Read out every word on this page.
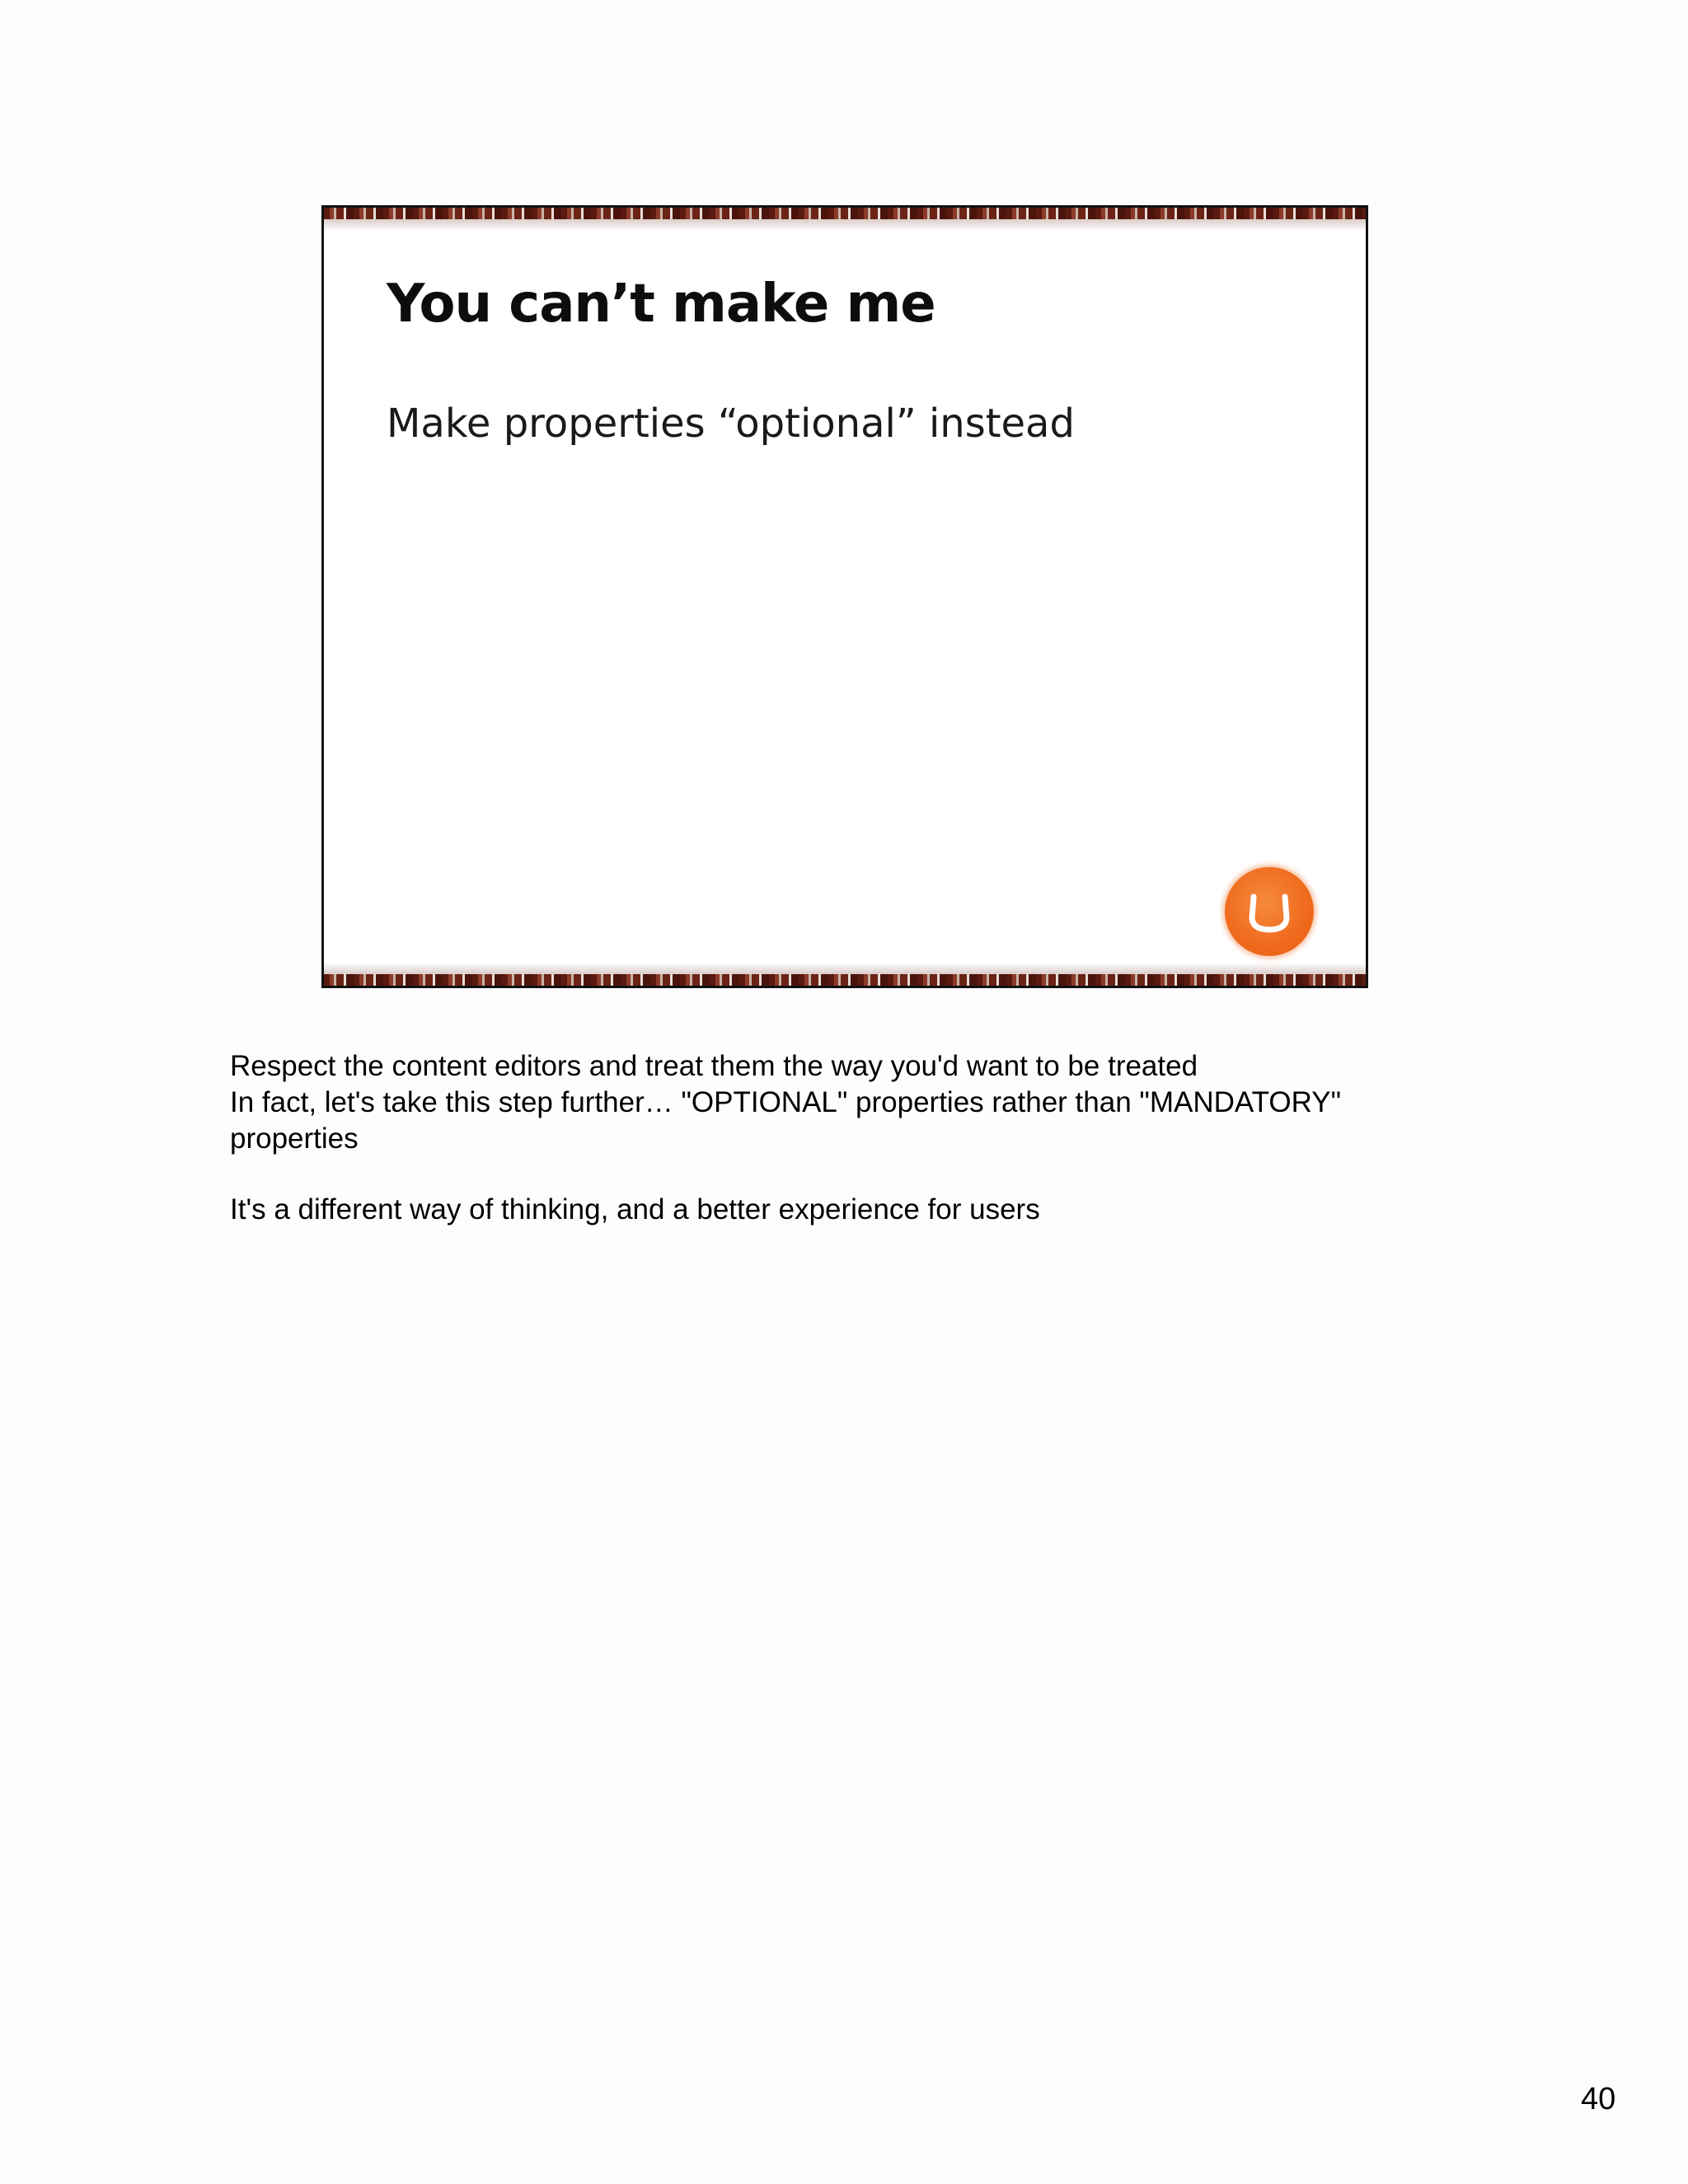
You can’t make me

Make properties “optional” instead

Respect the content editors and treat them the way you'd want to be treated

In fact, let's take this step further… "OPTIONAL" properties rather than "MANDATORY"

properties

It's a different way of thinking, and a better experience for users

40
